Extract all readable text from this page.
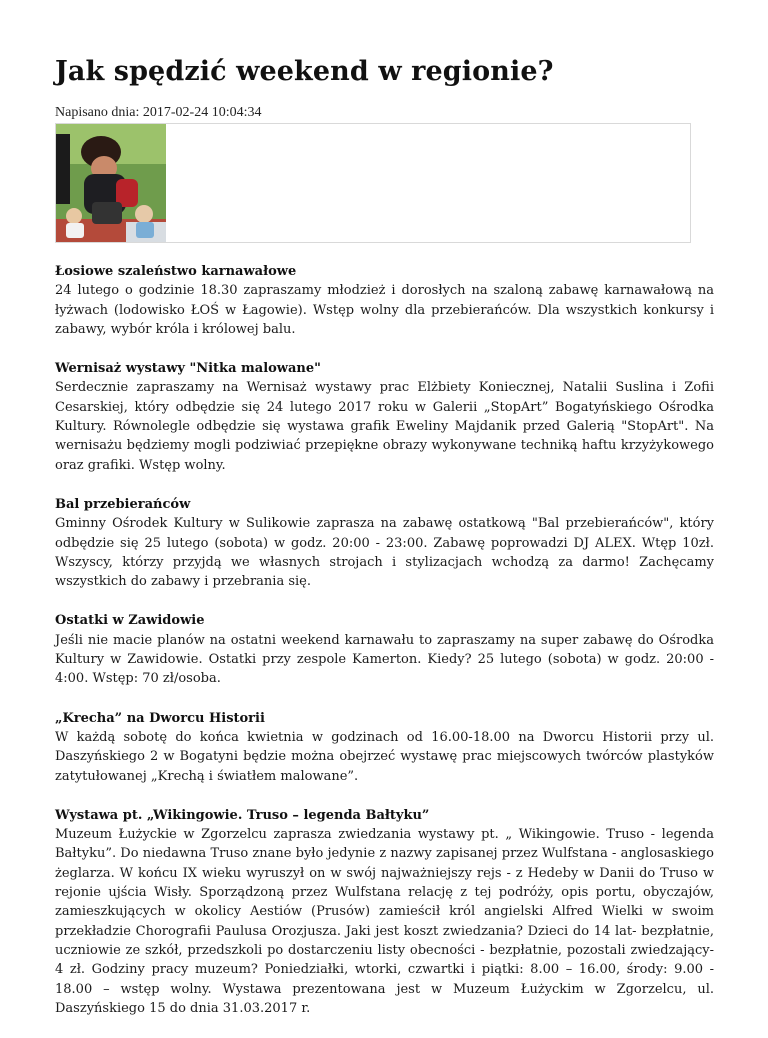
Jak spędzić weekend w regionie?
Napisano dnia: 2017-02-24 10:04:34
Łosiowe szaleństwo karnawałowe

24 lutego o godzinie 18.30 zapraszamy młodzież i dorosłych na szaloną zabawę karnawałową na łyżwach (lodowisko ŁOŚ w Łagowie). Wstęp wolny dla przebierańców. Dla wszystkich konkursy i zabawy, wybór króla i królowej balu.

Wernisaż wystawy "Nitka malowane"

Serdecznie zapraszamy na Wernisaż wystawy prac Elżbiety Koniecznej, Natalii Suslina i Zofii Cesarskiej, który odbędzie się 24 lutego 2017 roku w Galerii „StopArt” Bogatyńskiego Ośrodka Kultury. Równolegle odbędzie się wystawa grafik Eweliny Majdanik przed Galerią "StopArt". Na wernisażu będziemy mogli podziwiać przepiękne obrazy wykonywane techniką haftu krzyżykowego oraz grafiki. Wstęp wolny.

Bal przebierańców

Gminny Ośrodek Kultury w Sulikowie zaprasza na zabawę ostatkową "Bal przebierańców", który odbędzie się 25 lutego (sobota) w godz. 20:00 - 23:00. Zabawę poprowadzi DJ ALEX. Wtęp 10zł. Wszyscy, którzy przyjdą we własnych strojach i stylizacjach wchodzą za darmo! Zachęcamy wszystkich do zabawy i przebrania się.

Ostatki w Zawidowie

Jeśli nie macie planów na ostatni weekend karnawału to zapraszamy na super zabawę do Ośrodka Kultury w Zawidowie. Ostatki przy zespole Kamerton. Kiedy? 25 lutego (sobota) w godz. 20:00 - 4:00. Wstęp: 70 zł/osoba.

„Krecha” na Dworcu Historii

W każdą sobotę do końca kwietnia w godzinach od 16.00-18.00 na Dworcu Historii przy ul. Daszyńskiego 2 w Bogatyni będzie można obejrzeć wystawę prac miejscowych twórców plastyków zatytułowanej „Krechą i światłem malowane”.

Wystawa pt. „Wikingowie. Truso – legenda Bałtyku”

Muzeum Łużyckie w Zgorzelcu zaprasza zwiedzania wystawy pt. „ Wikingowie. Truso - legenda Bałtyku”. Do niedawna Truso znane było jedynie z nazwy zapisanej przez Wulfstana - anglosaskiego żeglarza. W końcu IX wieku wyruszył on w swój najważniejszy rejs - z Hedeby w Danii do Truso w rejonie ujścia Wisły. Sporządzoną przez Wulfstana relację z tej podróży, opis portu, obyczajów, zamieszkujących w okolicy Aestiów (Prusów) zamieścił król angielski Alfred Wielki w swoim przekładzie Chorografii Paulusa Orozjusza. Jaki jest koszt zwiedzania? Dzieci do 14 lat- bezpłatnie, uczniowie ze szkół, przedszkoli po dostarczeniu listy obecności - bezpłatnie, pozostali zwiedzający- 4 zł. Godziny pracy muzeum? Poniedziałki, wtorki, czwartki i piątki: 8.00 – 16.00, środy: 9.00 - 18.00 – wstęp wolny. Wystawa prezentowana jest w Muzeum Łużyckim w Zgorzelcu, ul. Daszyńskiego 15 do dnia 31.03.2017 r.
